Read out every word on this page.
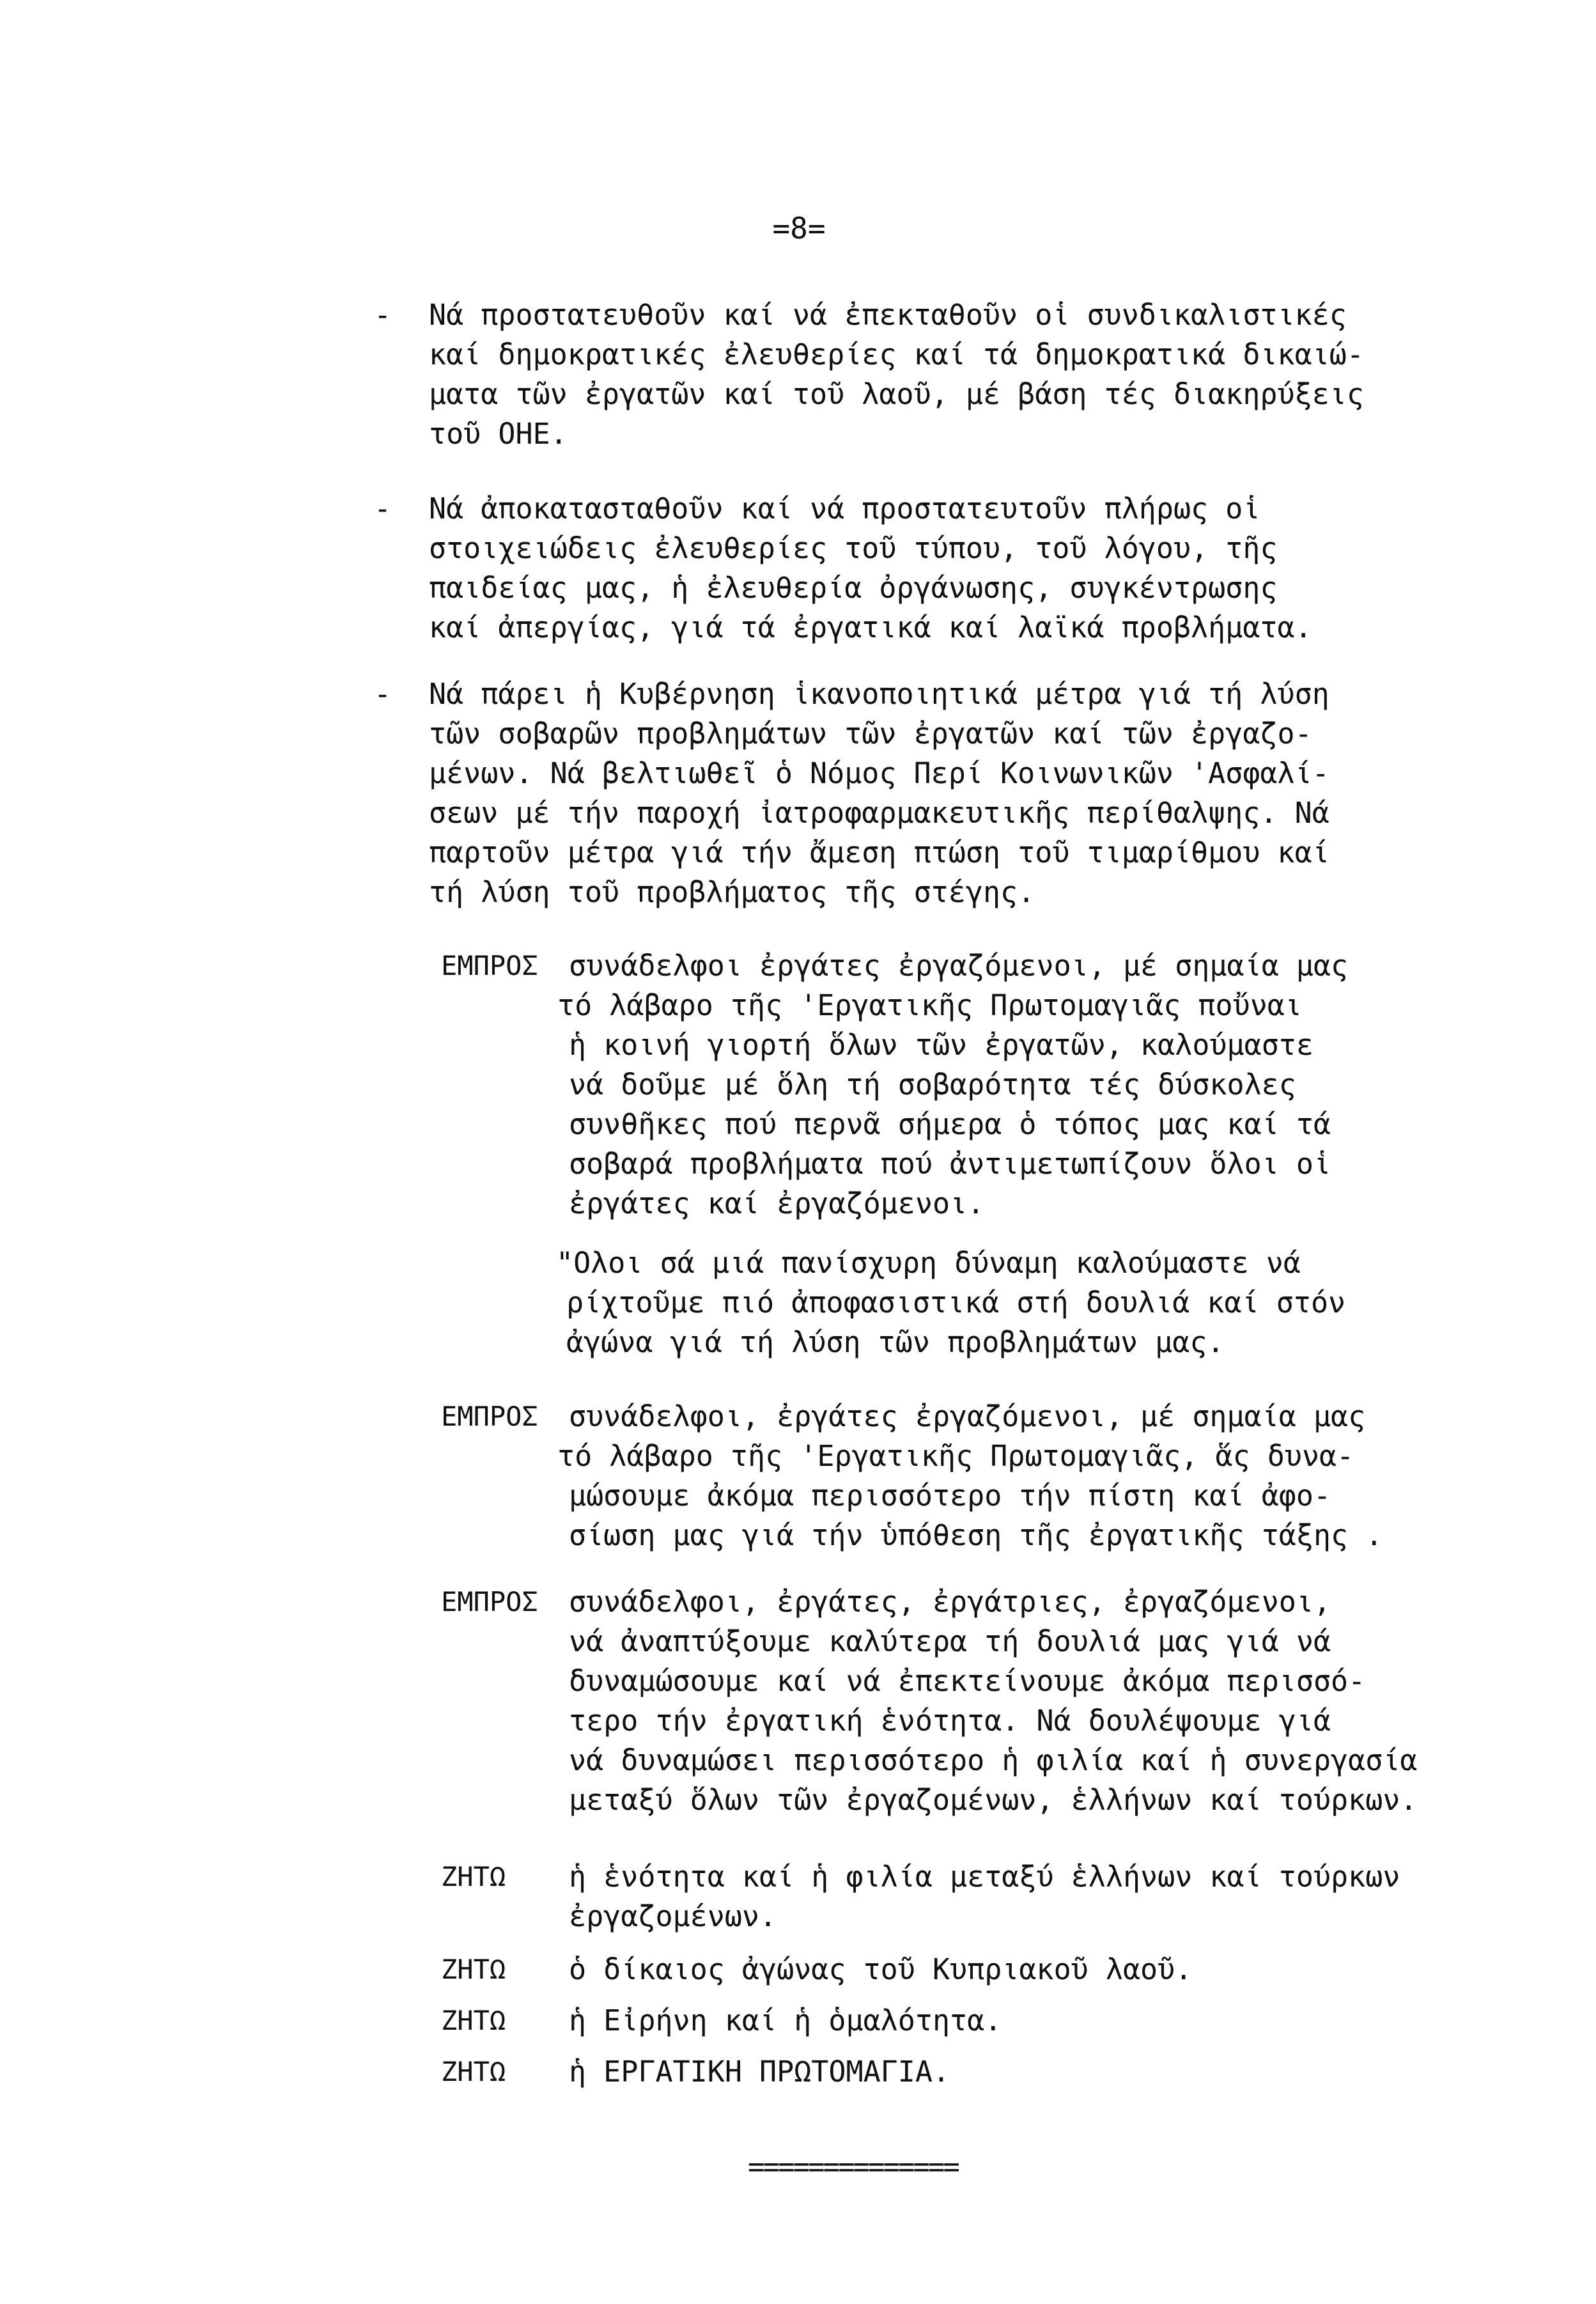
=8=
- Νά προστατευθοῦν καί νά ἐπεκταθοῦν οἱ συνδικαλιστικές
καί δημοκρατικές ἐλευθερίες καί τά δημοκρατικά δικαιώ-
ματα τῶν ἐργατῶν καί τοῦ λαοῦ, μέ βάση τές διακηρύξεις
τοῦ ΟΗΕ.
- Νά ἀποκατασταθοῦν καί νά προστατευτοῦν πλήρως οἱ
στοιχειώδεις ἐλευθερίες τοῦ τύπου, τοῦ λόγου, τῆς
παιδείας μας, ἡ ἐλευθερία ὀργάνωσης, συγκέντρωσης
καί ἀπεργίας, γιά τά ἐργατικά καί λαϊκά προβλήματα.
- Νά πάρει ἡ Κυβέρνηση ἱκανοποιητικά μέτρα γιά τή λύση
τῶν σοβαρῶν προβλημάτων τῶν ἐργατῶν καί τῶν ἐργαζο-
μένων. Νά βελτιωθεῖ ὁ Νόμος Περί Κοινωνικῶν 'Ασφαλί-
σεων μέ τήν παροχή ἰατροφαρμακευτικῆς περίθαλψης. Νά
παρτοῦν μέτρα γιά τήν ἄμεση πτώση τοῦ τιμαρίθμου καί
τή λύση τοῦ προβλήματος τῆς στέγης.
ΕΜΠΡΟΣ συνάδελφοι ἐργάτες ἐργαζόμενοι, μέ σημαία μας
τό λάβαρο τῆς 'Εργατικῆς Πρωτομαγιᾶς ποὔναι
ἡ κοινή γιορτή ὅλων τῶν ἐργατῶν, καλούμαστε
νά δοῦμε μέ ὅλη τή σοβαρότητα τές δύσκολες
συνθῆκες πού περνᾶ σήμερα ὁ τόπος μας καί τά
σοβαρά προβλήματα πού ἀντιμετωπίζουν ὅλοι οἱ
ἐργάτες καί ἐργαζόμενοι.
"Ολοι σά μιά πανίσχυρη δύναμη καλούμαστε νά
ρίχτοῦμε πιό ἀποφασιστικά στή δουλιά καί στόν
ἀγώνα γιά τή λύση τῶν προβλημάτων μας.
ΕΜΠΡΟΣ συνάδελφοι, ἐργάτες ἐργαζόμενοι, μέ σημαία μας
τό λάβαρο τῆς 'Εργατικῆς Πρωτομαγιᾶς, ἅς δυνα-
μώσουμε ἀκόμα περισσότερο τήν πίστη καί ἀφο-
σίωση μας γιά τήν ὑπόθεση τῆς ἐργατικῆς τάξης .
ΕΜΠΡΟΣ συνάδελφοι, ἐργάτες, ἐργάτριες, ἐργαζόμενοι,
νά ἀναπτύξουμε καλύτερα τή δουλιά μας γιά νά
δυναμώσουμε καί νά ἐπεκτείνουμε ἀκόμα περισσό-
τερο τήν ἐργατική ἑνότητα. Νά δουλέψουμε γιά
νά δυναμώσει περισσότερο ἡ φιλία καί ἡ συνεργασία
μεταξύ ὅλων τῶν ἐργαζομένων, ἑλλήνων καί τούρκων.
ΖΗΤΩ ἡ ἑνότητα καί ἡ φιλία μεταξύ ἑλλήνων καί τούρκων
ἐργαζομένων.
ΖΗΤΩ ὁ δίκαιος ἀγώνας τοῦ Κυπριακοῦ λαοῦ.
ΖΗΤΩ ἡ Εἰρήνη καί ἡ ὁμαλότητα.
ΖΗΤΩ ἡ ΕΡΓΑΤΙΚΗ ΠΡΩΤΟΜΑΓΙΑ.
==============
